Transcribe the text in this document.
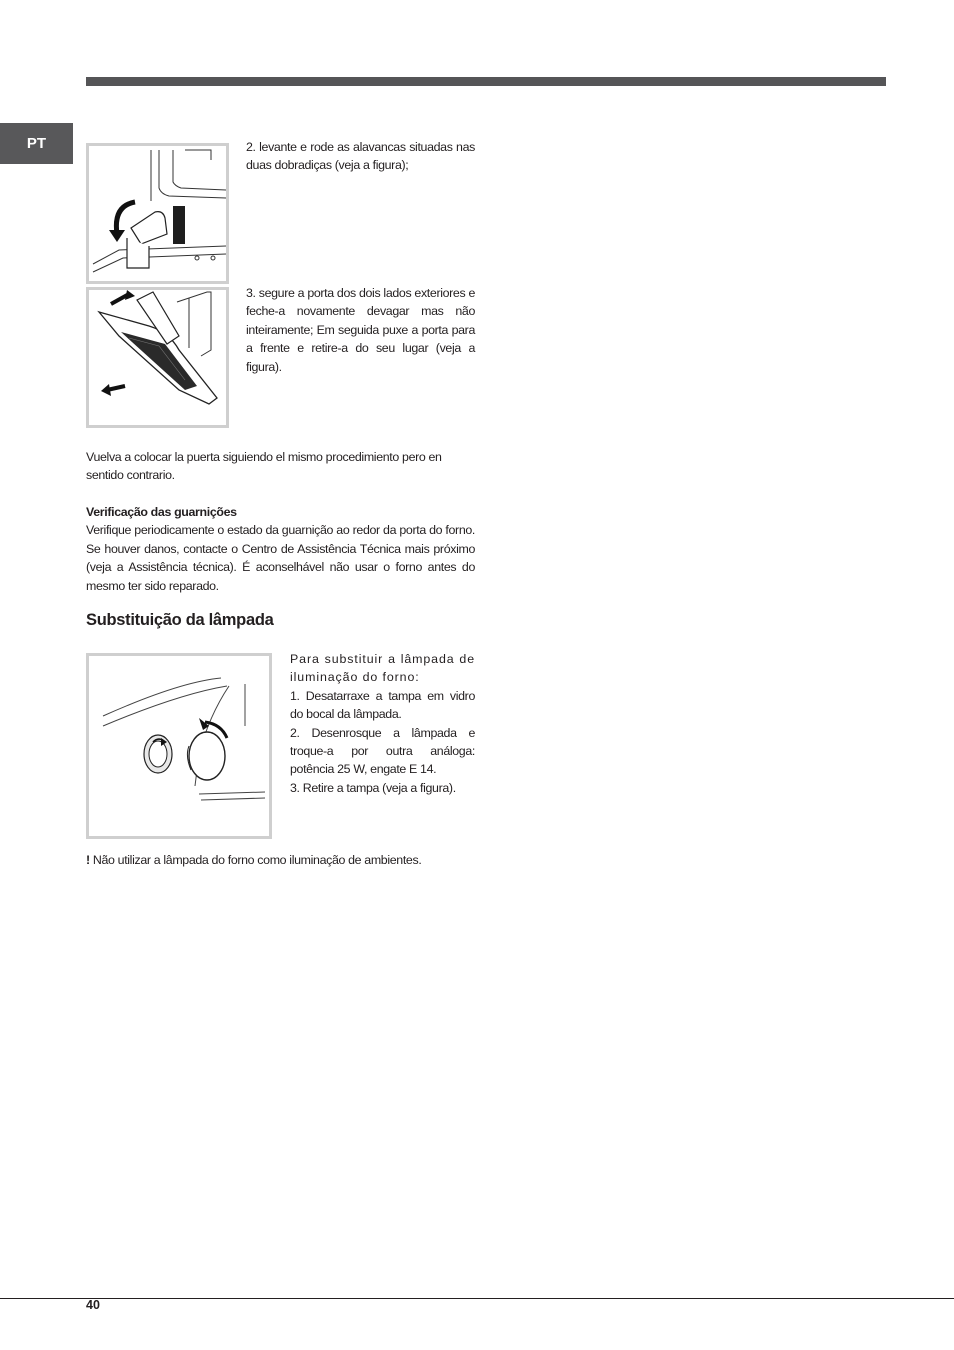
PT	2. levante e rode as alavancas situadas nas duas dobradiças (veja a figura);

3. segure a porta dos dois lados exteriores e feche-a novamente devagar mas não inteiramente; Em seguida puxe a porta para a frente e retire-a do seu lugar (veja a figura).

Vuelva a colocar la puerta siguiendo el mismo procedimiento pero en sentido contrario.

Verificação das guarnições

Verifique periodicamente o estado da guarnição ao redor da porta do forno. Se houver danos, contacte o Centro de Assistência Técnica mais próximo (veja a Assistência técnica). É aconselhável não usar o forno antes do mesmo ter sido reparado.

Substituição da lâmpada

Para substituir a lâmpada de iluminação do forno:

1. Desatarraxe a tampa em vidro do bocal da lâmpada.

2. Desenrosque a lâmpada e troque-a por outra análoga: potência 25 W, engate E 14.

3. Retire a tampa (veja a figura).

! Não utilizar a lâmpada do forno como iluminação de ambientes.

40
